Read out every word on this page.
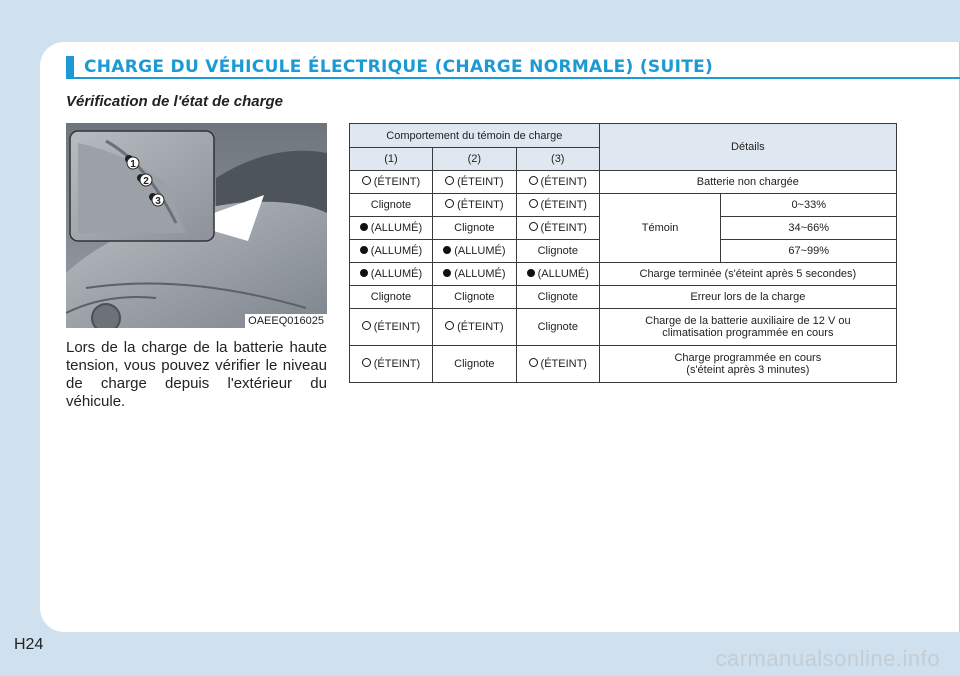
CHARGE DU VÉHICULE ÉLECTRIQUE (CHARGE NORMALE) (SUITE)
Vérification de l'état de charge
1
2
3
OAEEQ016025
Lors de la charge de la batterie haute tension, vous pouvez vérifier le niveau de charge depuis l'extérieur du véhicule.
Comportement du témoin de charge			Détails	
(1)	(2)	(3)		
(ÉTEINT)	(ÉTEINT)	(ÉTEINT)	Batterie non chargée	
Clignote	(ÉTEINT)	(ÉTEINT)	Témoin	0~33%
(ALLUMÉ)	Clignote	(ÉTEINT)		34~66%
(ALLUMÉ)	(ALLUMÉ)	Clignote		67~99%
(ALLUMÉ)	(ALLUMÉ)	(ALLUMÉ)	Charge terminée (s'éteint après 5 secondes)	
Clignote	Clignote	Clignote	Erreur lors de la charge	
(ÉTEINT)	(ÉTEINT)	Clignote	Charge de la batterie auxiliaire de 12 V ou
climatisation programmée en cours	
(ÉTEINT)	Clignote	(ÉTEINT)	Charge programmée en cours
(s'éteint après 3 minutes)	
H24
carmanualsonline.info
